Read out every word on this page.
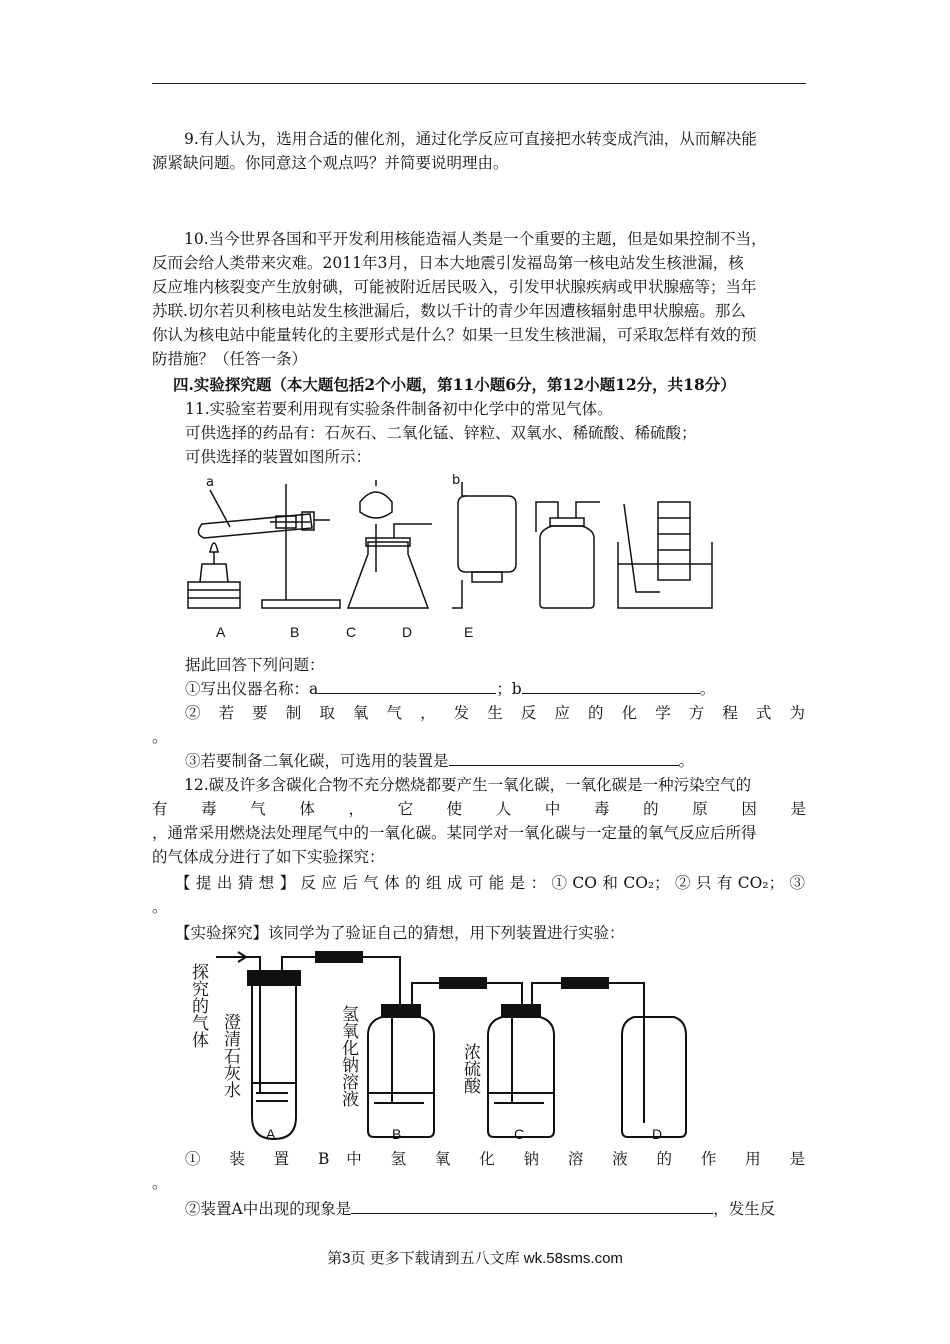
9.有人认为，选用合适的催化剂，通过化学反应可直接把水转变成汽油，从而解决能

源紧缺问题。你同意这个观点吗？并简要说明理由。

10.当今世界各国和平开发利用核能造福人类是一个重要的主题，但是如果控制不当，

反而会给人类带来灾难。2011年3月，日本大地震引发福岛第一核电站发生核泄漏，核

反应堆内核裂变产生放射碘，可能被附近居民吸入，引发甲状腺疾病或甲状腺癌等；当年

苏联.切尔若贝利核电站发生核泄漏后，数以千计的青少年因遭核辐射患甲状腺癌。那么

你认为核电站中能量转化的主要形式是什么？如果一旦发生核泄漏，可采取怎样有效的预

防措施？（任答一条）

四.实验探究题（本大题包括2个小题，第11小题6分，第12小题12分，共18分）

11.实验室若要利用现有实验条件制备初中化学中的常见气体。

可供选择的药品有：石灰石、二氧化锰、锌粒、双氧水、稀硫酸、稀硫酸；

可供选择的装置如图所示：

a	b
A	B	C	D	E

据此回答下列问题：

①写出仪器名称：a	；b	。

② 若 要 制 取 氧 气 ， 发 生 反 应 的 化 学 方 程 式 为

。

③若要制备二氧化碳，可选用的装置是	。

12.碳及许多含碳化合物不充分燃烧都要产生一氧化碳，一氧化碳是一种污染空气的

有 毒 气 体 ， 它 使 人 中 毒 的 原 因 是

，通常采用燃烧法处理尾气中的一氧化碳。某同学对一氧化碳与一定量的氧气反应后所得

的气体成分进行了如下实验探究：

【提出猜想】反应后气体的组成可能是：①CO和CO₂；②只有CO₂；③

。

【实验探究】该同学为了验证自己的猜想，用下列装置进行实验：

探究的气体
澄清石灰水	氢氧化钠溶液	浓硫酸
A	B	C	D

① 装 置 B 中 氢 氧 化 钠 溶 液 的 作 用 是

。

②装置A中出现的现象是	，发生反

第3页 更多下载请到五八文库 wk.58sms.com
